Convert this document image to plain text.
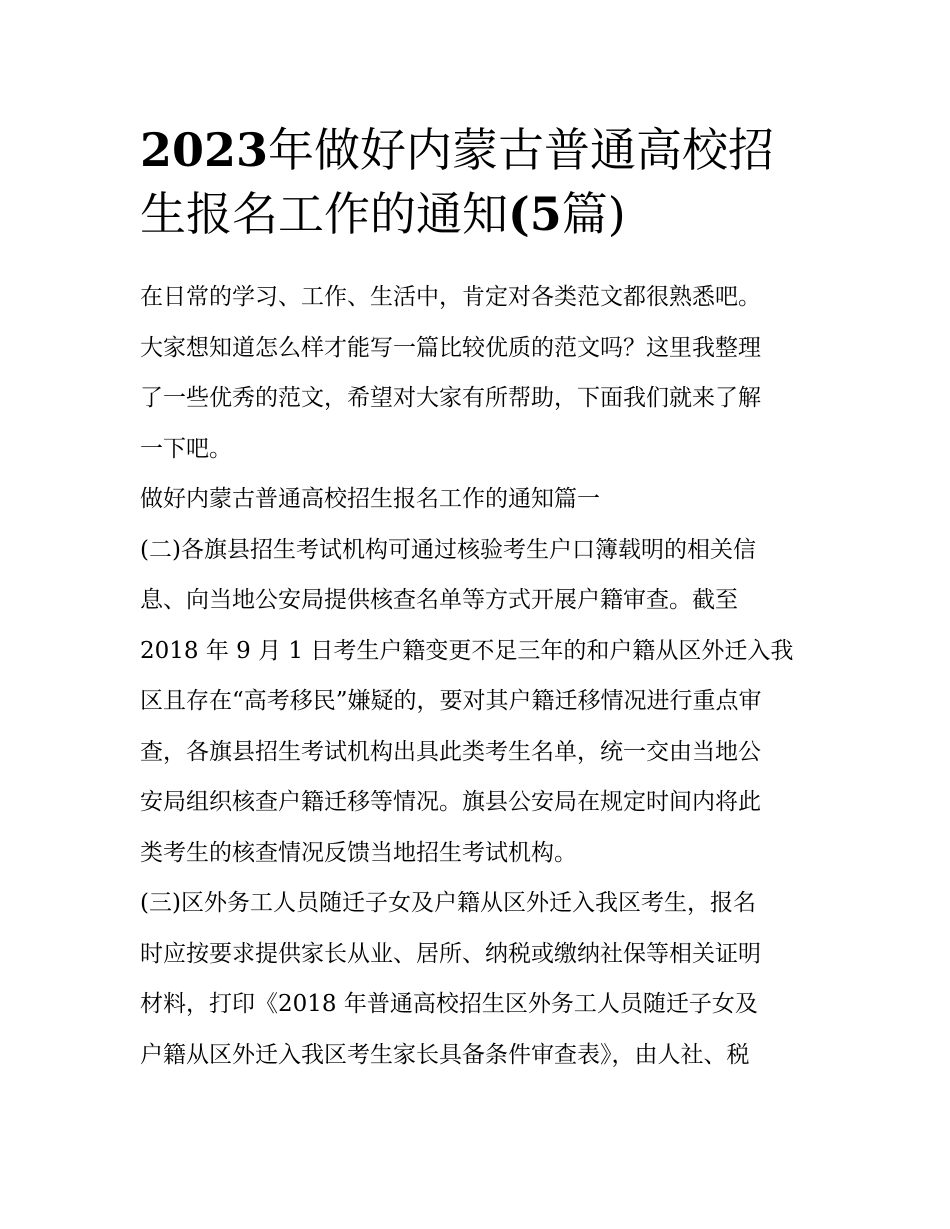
2023年做好内蒙古普通高校招
生报名工作的通知(5篇)

在日常的学习、工作、生活中，肯定对各类范文都很熟悉吧。
大家想知道怎么样才能写一篇比较优质的范文吗？这里我整理
了一些优秀的范文，希望对大家有所帮助，下面我们就来了解
一下吧。

做好内蒙古普通高校招生报名工作的通知篇一

(二)各旗县招生考试机构可通过核验考生户口簿载明的相关信
息、向当地公安局提供核查名单等方式开展户籍审查。截至
2018 年 9 月 1 日考生户籍变更不足三年的和户籍从区外迁入我
区且存在“高考移民”嫌疑的，要对其户籍迁移情况进行重点审
查，各旗县招生考试机构出具此类考生名单，统一交由当地公
安局组织核查户籍迁移等情况。旗县公安局在规定时间内将此
类考生的核查情况反馈当地招生考试机构。

(三)区外务工人员随迁子女及户籍从区外迁入我区考生，报名
时应按要求提供家长从业、居所、纳税或缴纳社保等相关证明
材料，打印《2018 年普通高校招生区外务工人员随迁子女及
户籍从区外迁入我区考生家长具备条件审查表》，由人社、税
